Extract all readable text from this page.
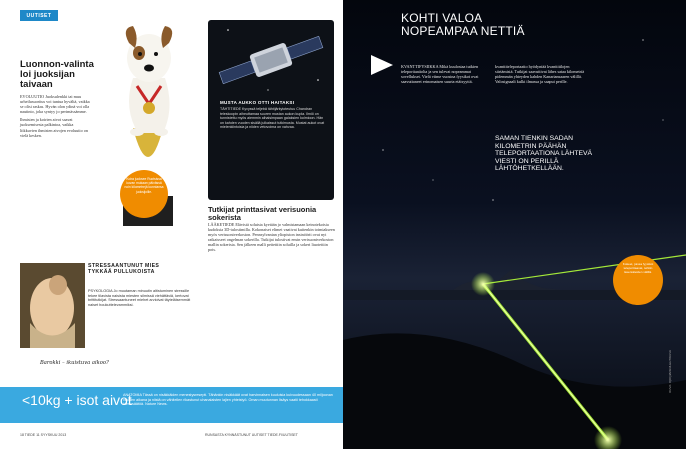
UUTISET
Luonnon-valinta loi juoksijan taivaan

EVOLUUTIO Juoksulenkki tai muu urheilusuoritus voi tuntua hyvältä, vaikka se olisi raskas. Hyvän olon ydinä voi olla nautinto, joka syntyy jo perimässämme.

Ihmisten ja koirien aivot saavat juoksemisesta palkintoa, vaikka liikkuvien ihmisten aivojen evoluutio on vielä kesken.

Koira juoksee Ruotsissa kuvan mukaan päivässä noin kilometrejä kunniansa juoksijoille.
MUSTA AUKKO OTTI HAITAKSI
TÄHTITIEDE Kyvyssä teljebä tähtijärkytoteutuu Chandran teleskoopin aiheuttamaa suuren mustan aukon kupla. Ilmiö on tunnistettu myös aiemmin alhaisimpaan galaksien kolmioon. Hän on kahden vuoden sisällä julkaissut tutkimusta. Mustat aukot ovat mielenkiintoisia ja niiden vetovoima on vahvaa.
Tutkijat printtasivat verisuonia sokerista

LÄÄKETIEDE Elävistä soluista kyetään jo valmistamaan keinotekoisia kudoksia 3D-tulostimilla. Kokonaiset elimet vaativat kuitenkin toimiakseen myös verisuoniverkoston. Pennsylvanian yliopiston insinöörit ovat nyt ratkaisseet ongelman sokerilla. Tutkijat tulostivat ensin verisuoniverkoston mallin sokerista. Sen jälkeen malli peitettiin soluilla ja sokeri liuotettiin pois.

STRESSAANTUNUT MIES TYKKÄÄ PULLUKOISTA
PSYKOLOGIA Jo muutaman minuutin altistuminen stressille tekee tilavista naisista miesten silmissä viehättäviä, kertovat brittitutkijat. Stressaantuneet miehet arvioivat täyteläisemmät naiset houkuttelevammiksi.
Barokki – ikuistuva aikoo?
<10kg + isot aivot
ANATOMIA Tässä on nisäkkäiden menestysresepti. Tähänkin nisäkkäät ovat harvinnaisen kuuluisia kuivuudessaan 40 miljoonan vuoden aikana ja niistä on vähitellen rikastunut uhanalaisten lajien yhteistyö. Oman muutunnan lisäys vaatii tehokkaasti hienosäätöä. Nature News.
18 TIEDE 11 SYYSKUU 2013	RUNSASTA KYNNÄSTUNUT UUTISET TIEDE.FI/UUTISET
KOHTI VALOA NOPEAMPAA NETTIÄ

KVANTTIFYSIIKKA Mikä kuulostaa tutkien teleporttaatiolta ja sen tulevat nopeammat sovellukset. Vielä viime vuosina fyysikot ovat saavuttaneet erinomaisen suurta etäisyyttä.

kvanttiteleportaatio hyödyntää kvanttitilojen siirtämistä. Tutkijat saavuttivat lähes sataa kilometriä pidemmän yhteyden kahden Kanariansaaren välillä. Valosignaali kulki ilmassa ja saapui perille.

SAMAN TIENKIN SADAN KILOMETRIN PÄÄHÄN TELEPORTAATIONA LÄHTEVÄ VIESTI ON PERILLÄ LÄHTÖHETKELLÄÄN.
Kokeet, joissa fyysikot teleporttaavat, tehtiin lasersäteiden välillä.
KUVA: IQOQI/ESO/LEHTIKUVA
